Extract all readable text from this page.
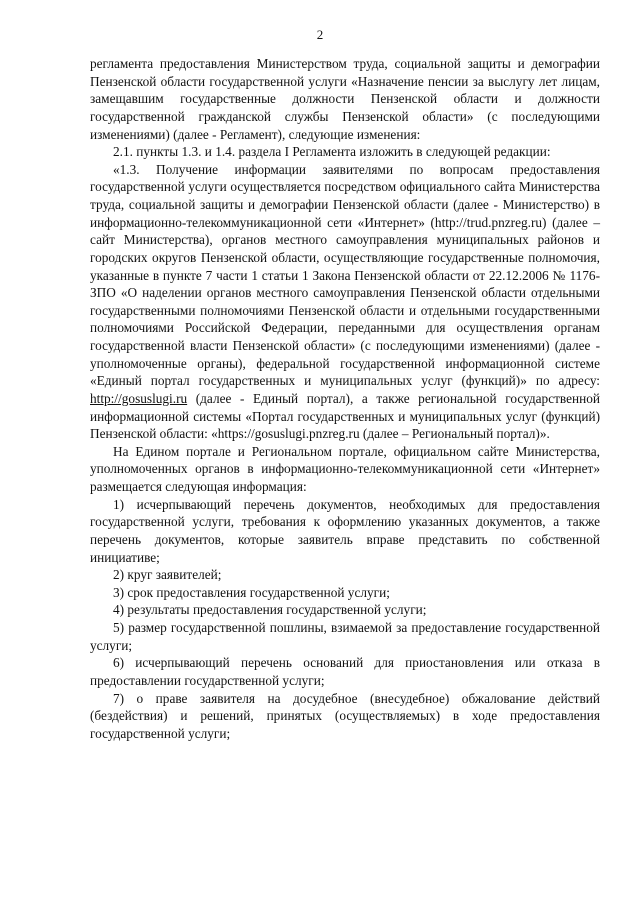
2

регламента предоставления Министерством труда, социальной защиты и демографии Пензенской области государственной услуги «Назначение пенсии за выслугу лет лицам, замещавшим государственные должности Пензенской области и должности государственной гражданской службы Пензенской области» (с последующими изменениями) (далее - Регламент), следующие изменения:

2.1. пункты 1.3. и 1.4. раздела I Регламента изложить в следующей редакции:

«1.3. Получение информации заявителями по вопросам предоставления государственной услуги осуществляется посредством официального сайта Министерства труда, социальной защиты и демографии Пензенской области (далее - Министерство) в информационно-телекоммуникационной сети «Интернет» (http://trud.pnzreg.ru) (далее – сайт Министерства), органов местного самоуправления муниципальных районов и городских округов Пензенской области, осуществляющие государственные полномочия, указанные в пункте 7 части 1 статьи 1 Закона Пензенской области от 22.12.2006 № 1176-ЗПО «О наделении органов местного самоуправления Пензенской области отдельными государственными полномочиями Пензенской области и отдельными государственными полномочиями Российской Федерации, переданными для осуществления органам государственной власти Пензенской области» (с последующими изменениями) (далее - уполномоченные органы), федеральной государственной информационной системе «Единый портал государственных и муниципальных услуг (функций)» по адресу: http://gosuslugi.ru (далее - Единый портал), а также региональной государственной информационной системы «Портал государственных и муниципальных услуг (функций) Пензенской области: «https://gosuslugi.pnzreg.ru (далее – Региональный портал)».

На Едином портале и Региональном портале, официальном сайте Министерства, уполномоченных органов в информационно-телекоммуникационной сети «Интернет» размещается следующая информация:

1) исчерпывающий перечень документов, необходимых для предоставления государственной услуги, требования к оформлению указанных документов, а также перечень документов, которые заявитель вправе представить по собственной инициативе;

2) круг заявителей;

3) срок предоставления государственной услуги;

4) результаты предоставления государственной услуги;

5) размер государственной пошлины, взимаемой за предоставление государственной услуги;

6) исчерпывающий перечень оснований для приостановления или отказа в предоставлении государственной услуги;

7) о праве заявителя на досудебное (внесудебное) обжалование действий (бездействия) и решений, принятых (осуществляемых) в ходе предоставления государственной услуги;
